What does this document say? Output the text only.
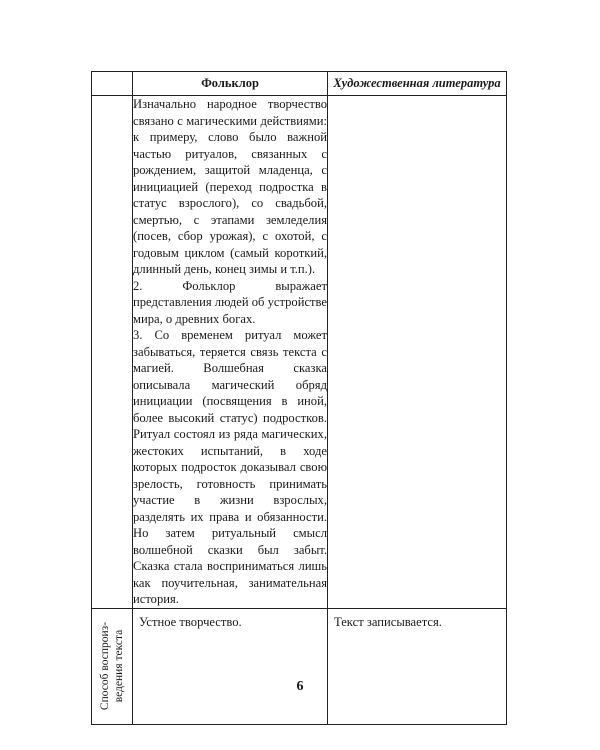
	Фольклор	Художественная литература

	Изначально народное творчество связано с магическими действиями: к примеру, слово было важной частью ритуалов, связанных с рождением, защитой младенца, с инициацией (переход подростка в статус взрослого), со свадьбой, смертью, с этапами земледелия (посев, сбор урожая), с охотой, с годовым циклом (самый короткий, длинный день, конец зимы и т.п.).

2. Фольклор выражает представления людей об устройстве мира, о древних богах.

3. Со временем ритуал может забываться, теряется связь текста с магией. Волшебная сказка описывала магический обряд инициации (посвящения в иной, более высокий статус) подростков. Ритуал состоял из ряда магических, жестоких испытаний, в ходе которых подросток доказывал свою зрелость, готовность принимать участие в жизни взрослых, разделять их права и обязанности. Но затем ритуальный смысл волшебной сказки был забыт. Сказка стала восприниматься лишь как поучительная, занимательная история.	

Способ воспроиз- ведения текста	Устное творчество.	Текст записывается.
6
